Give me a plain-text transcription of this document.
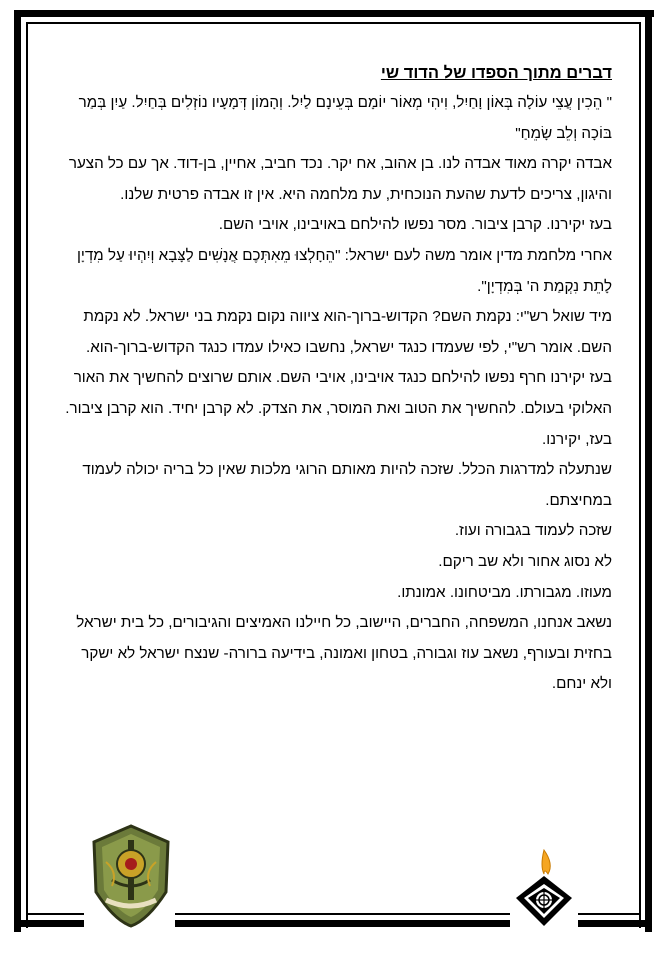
דברים מתוך הספדו של הדוד שי

" הֵכִין עֲצֵי עוֹלָה בְּאוֹן וָחַיִל, וִיהִי מְאוֹר יוֹמָם בְּעֵינָם לַיִל. וְהָמוֹן דְּמָעָיו נוֹזְלִים בְּחַיִל. עַיִן בְּמַר בּוֹכָה וְלֵב שָׂמֵחַ"

אבדה יקרה מאוד אבדה לנו. בן אהוב, אח יקר. נכד חביב, אחיין, בן-דוד. אך עם כל הצער והיגון, צריכים לדעת שהעת הנוכחית, עת מלחמה היא. אין זו אבדה פרטית שלנו.

בעז יקירנו. קרבן ציבור. מסר נפשו להילחם באויבינו, אויבי השם.

אחרי מלחמת מדין אומר משה לעם ישראל: "הֵחָלְצוּ מֵאִתְּכֶם אֲנָשִׁים לַצָּבָא וְיִהְיוּ עַל מִדְיָן לָתֵת נִקְמַת ה' בְּמִדְיָן".

מיד שואל רש"י: נקמת השם? הקדוש-ברוך-הוא ציווה נקום נקמת בני ישראל. לא נקמת השם. אומר רש"י, לפי שעמדו כנגד ישראל, נחשבו כאילו עמדו כנגד הקדוש-ברוך-הוא. בעז יקירנו חרף נפשו להילחם כנגד אויבינו, אויבי השם. אותם שרוצים להחשיך את האור האלוקי בעולם. להחשיך את הטוב ואת המוסר, את הצדק. לא קרבן יחיד. הוא קרבן ציבור.

בעז, יקירנו.

שנתעלה למדרגות הכלל. שזכה להיות מאותם הרוגי מלכות שאין כל בריה יכולה לעמוד במחיצתם.

שזכה לעמוד בגבורה ועוז.

לא נסוג אחור ולא שב ריקם.

מעוזו. מגבורתו. מביטחונו. אמונתו.

נשאב אנחנו, המשפחה, החברים, היישוב, כל חיילנו האמיצים והגיבורים, כל בית ישראל בחזית ובעורף, נשאב עוז וגבורה, בטחון ואמונה, בידיעה ברורה- שנצח ישראל לא ישקר ולא ינחם.
